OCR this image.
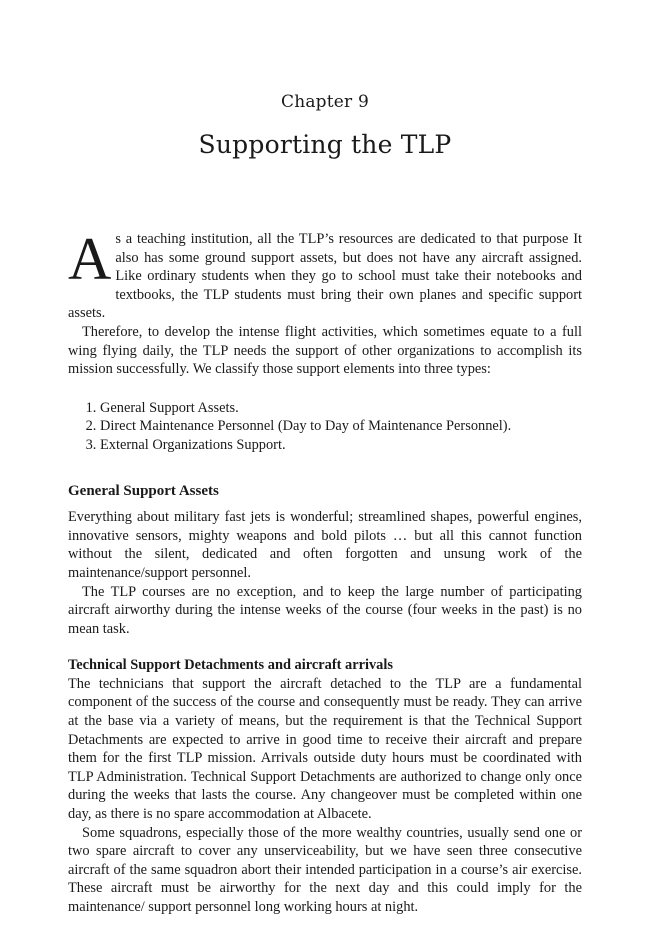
Chapter 9
Supporting the TLP

As a teaching institution, all the TLP’s resources are dedicated to that purpose It also has some ground support assets, but does not have any aircraft assigned. Like ordinary students when they go to school must take their notebooks and textbooks, the TLP students must bring their own planes and specific support assets.

Therefore, to develop the intense flight activities, which sometimes equate to a full wing flying daily, the TLP needs the support of other organizations to accomplish its mission successfully. We classify those support elements into three types:

1. General Support Assets.
2. Direct Maintenance Personnel (Day to Day of Maintenance Personnel).
3. External Organizations Support.
General Support Assets

Everything about military fast jets is wonderful; streamlined shapes, powerful engines, innovative sensors, mighty weapons and bold pilots … but all this cannot function without the silent, dedicated and often forgotten and unsung work of the maintenance/support personnel.

The TLP courses are no exception, and to keep the large number of participating aircraft airworthy during the intense weeks of the course (four weeks in the past) is no mean task.

Technical Support Detachments and aircraft arrivals

The technicians that support the aircraft detached to the TLP are a fundamental component of the success of the course and consequently must be ready. They can arrive at the base via a variety of means, but the requirement is that the Technical Support Detachments are expected to arrive in good time to receive their aircraft and prepare them for the first TLP mission. Arrivals outside duty hours must be coordinated with TLP Administration. Technical Support Detachments are authorized to change only once during the weeks that lasts the course. Any changeover must be completed within one day, as there is no spare accommodation at Albacete.

Some squadrons, especially those of the more wealthy countries, usually send one or two spare aircraft to cover any unserviceability, but we have seen three consecutive aircraft of the same squadron abort their intended participation in a course’s air exercise. These aircraft must be airworthy for the next day and this could imply for the maintenance/ support personnel long working hours at night.
